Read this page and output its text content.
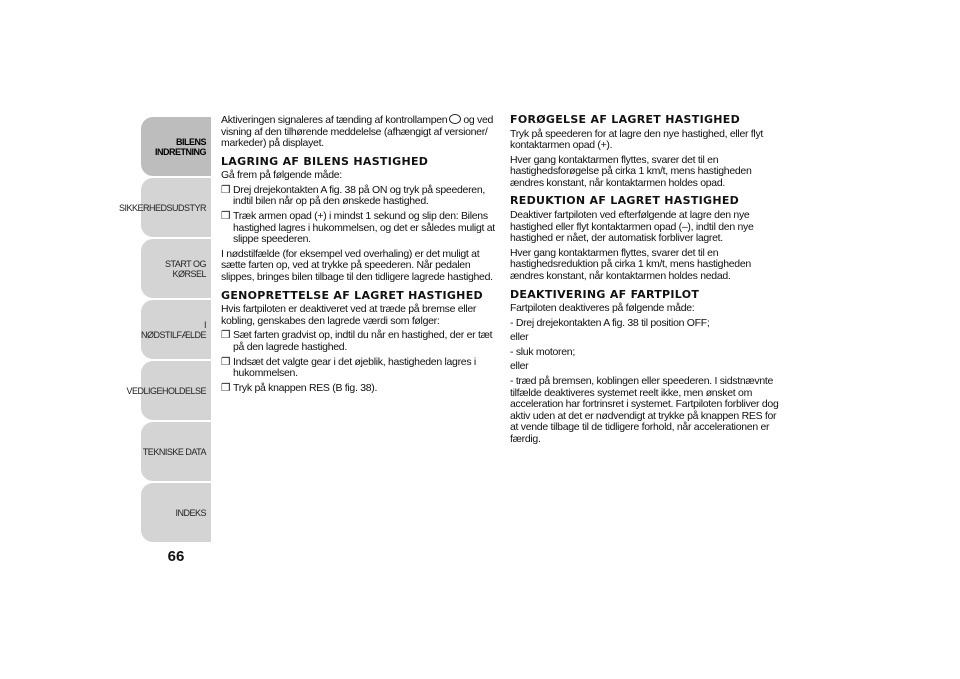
BILENS
INDRETNING
SIKKERHEDSUDSTYR
START OG KØRSEL
I NØDSTILFÆLDE
VEDLIGEHOLDELSE
TEKNISKE DATA
INDEKS
66

Aktiveringen signaleres af tænding af kontrollampen og ved visning af den tilhørende meddelelse (afhængigt af versioner/ markeder) på displayet.

LAGRING AF BILENS HASTIGHED

Gå frem på følgende måde:

❒ Drej drejekontakten A fig. 38 på ON og tryk på speederen, indtil bilen når op på den ønskede hastighed.

❒ Træk armen opad (+) i mindst 1 sekund og slip den: Bilens hastighed lagres i hukommelsen, og det er således muligt at slippe speederen.

I nødstilfælde (for eksempel ved overhaling) er det muligt at sætte farten op, ved at trykke på speederen. Når pedalen slippes, bringes bilen tilbage til den tidligere lagrede hastighed.

GENOPRETTELSE AF LAGRET HASTIGHED

Hvis fartpiloten er deaktiveret ved at træde på bremse eller kobling, genskabes den lagrede værdi som følger:

❒ Sæt farten gradvist op, indtil du når en hastighed, der er tæt på den lagrede hastighed.

❒ Indsæt det valgte gear i det øjeblik, hastigheden lagres i hukommelsen.

❒ Tryk på knappen RES (B fig. 38).

FORØGELSE AF LAGRET HASTIGHED

Tryk på speederen for at lagre den nye hastighed, eller flyt kontaktarmen opad (+).

Hver gang kontaktarmen flyttes, svarer det til en hastighedsforøgelse på cirka 1 km/t, mens hastigheden ændres konstant, når kontaktarmen holdes opad.

REDUKTION AF LAGRET HASTIGHED

Deaktiver fartpiloten ved efterfølgende at lagre den nye hastighed eller flyt kontaktarmen opad (–), indtil den nye hastighed er nået, der automatisk forbliver lagret.

Hver gang kontaktarmen flyttes, svarer det til en hastighedsreduktion på cirka 1 km/t, mens hastigheden ændres konstant, når kontaktarmen holdes nedad.

DEAKTIVERING AF FARTPILOT

Fartpiloten deaktiveres på følgende måde:

- Drej drejekontakten A fig. 38 til position OFF;

eller

- sluk motoren;

eller

- træd på bremsen, koblingen eller speederen. I sidstnævnte tilfælde deaktiveres systemet reelt ikke, men ønsket om acceleration har fortrinsret i systemet. Fartpiloten forbliver dog aktiv uden at det er nødvendigt at trykke på knappen RES for at vende tilbage til de tidligere forhold, når accelerationen er færdig.
